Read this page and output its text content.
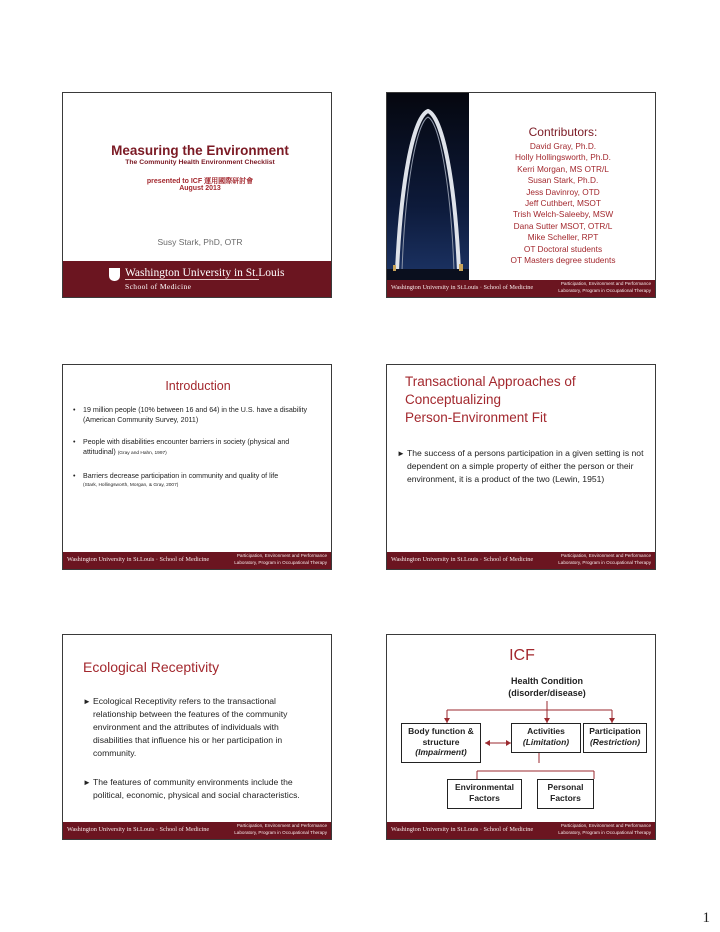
Measuring the Environment
The Community Health Environment Checklist
presented to ICF 運用國際研討會
August 2013
Susy Stark, PhD, OTR
Washington University in St.Louis
School of Medicine
Contributors:
David Gray, Ph.D.
Holly Hollingsworth, Ph.D.
Kerri Morgan, MS OTR/L
Susan Stark, Ph.D.
Jess Davinroy, OTD
Jeff Cuthbert, MSOT
Trish Welch-Saleeby, MSW
Dana Sutter MSOT, OTR/L
Mike Scheller, RPT
OT Doctoral students
OT Masters degree students
Washington University in St.Louis · School of Medicine
Participation, Environment and Performance
Laboratory, Program in Occupational Therapy
Introduction
• 19 million people (10% between 16 and 64) in the U.S. have a disability (American Community Survey, 2011)
• People with disabilities encounter barriers in society (physical and attitudinal) (Gray and Hahn, 1997)
• Barriers decrease participation in community and quality of life
(Stark, Hollingsworth, Morgan, & Gray, 2007)
Washington University in St.Louis · School of Medicine
Participation, Environment and Performance
Laboratory, Program in Occupational Therapy
Transactional Approaches of
Conceptualizing
Person-Environment Fit
► The success of a persons participation in a given setting is not dependent on a simple property of either the person or their environment, it is a product of the two (Lewin, 1951)
Washington University in St.Louis · School of Medicine
Participation, Environment and Performance
Laboratory, Program in Occupational Therapy
Ecological Receptivity
► Ecological Receptivity refers to the transactional relationship between the features of the community environment and the attributes of individuals with disabilities that influence his or her participation in community.
► The features of community environments include the political, economic, physical and social characteristics.
Washington University in St.Louis · School of Medicine
Participation, Environment and Performance
Laboratory, Program in Occupational Therapy
ICF
Health Condition
(disorder/disease)
Body function &
structure
(Impairment)
Activities
(Limitation)
Participation
(Restriction)
Environmental
Factors
Personal
Factors
Washington University in St.Louis · School of Medicine
Participation, Environment and Performance
Laboratory, Program in Occupational Therapy
1
